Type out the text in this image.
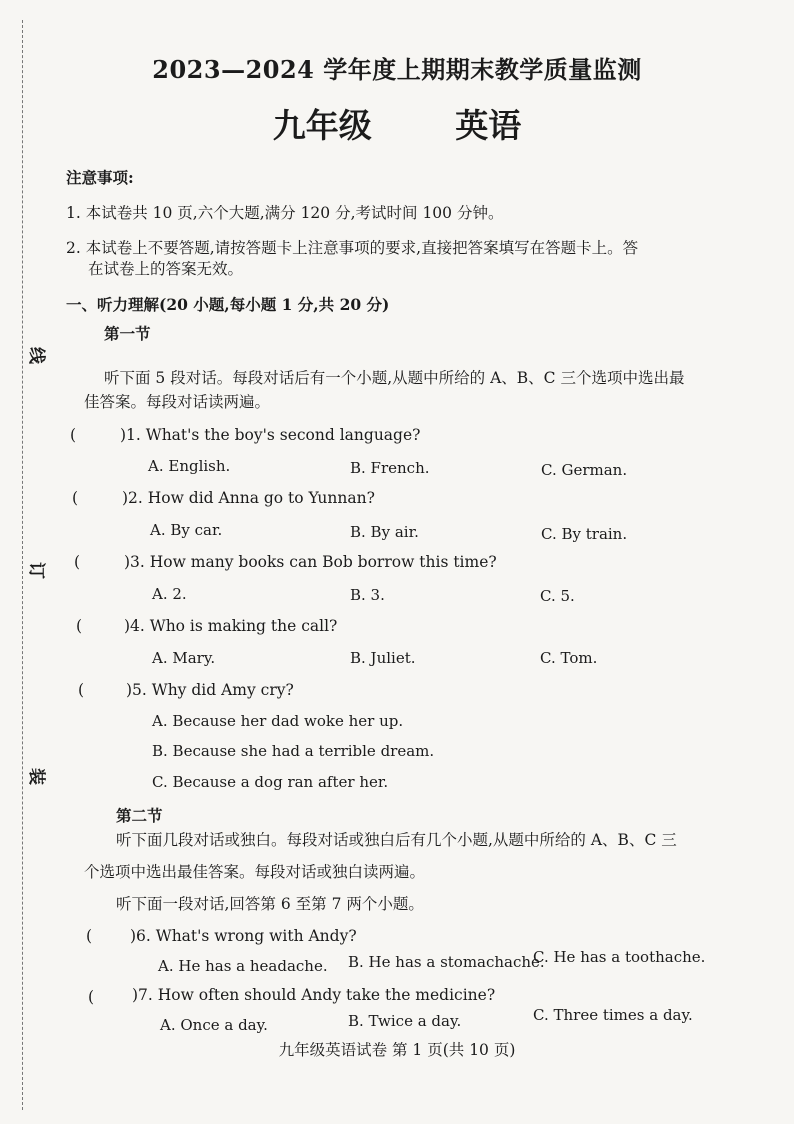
线
订
装
2023—2024 学年度上期期末教学质量监测
九年级	英语
注意事项:
1. 本试卷共 10 页,六个大题,满分 120 分,考试时间 100 分钟。
2. 本试卷上不要答题,请按答题卡上注意事项的要求,直接把答案填写在答题卡上。答
在试卷上的答案无效。
一、听力理解(20 小题,每小题 1 分,共 20 分)
第一节
听下面 5 段对话。每段对话后有一个小题,从题中所给的 A、B、C 三个选项中选出最
佳答案。每段对话读两遍。
(	)1. What's the boy's second language?
A. English.	B. French.	C. German.
(	)2. How did Anna go to Yunnan?
A. By car.	B. By air.	C. By train.
(	)3. How many books can Bob borrow this time?
A. 2.	B. 3.	C. 5.
(	)4. Who is making the call?
A. Mary.	B. Juliet.	C. Tom.
(	)5. Why did Amy cry?
A. Because her dad woke her up.
B. Because she had a terrible dream.
C. Because a dog ran after her.
第二节
听下面几段对话或独白。每段对话或独白后有几个小题,从题中所给的 A、B、C 三
个选项中选出最佳答案。每段对话或独白读两遍。
听下面一段对话,回答第 6 至第 7 两个小题。
( )6. What's wrong with Andy?
A. He has a headache. B. He has a stomachache.
C. He has a toothache.
( )7. How often should Andy take the medicine?
A. Once a day.	B. Twice a day.	C. Three times a day.
九年级英语试卷 第 1 页(共 10 页)
